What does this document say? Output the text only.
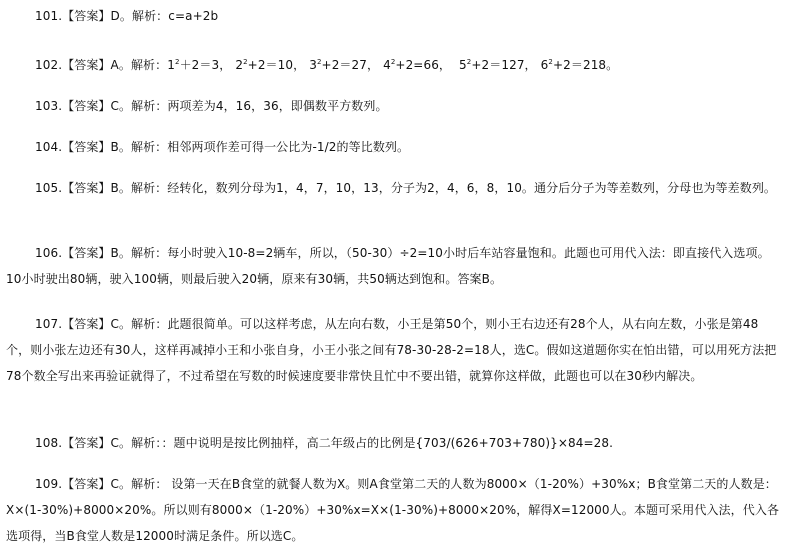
101.【答案】D。解析：c=a+2b

102.【答案】A。解析：$1^2+2=3$， $2^2+2=10$， $3^2+2=27$， $4^2+2=66$， $5^2+2=127$， $6^2+2=218$。

103.【答案】C。解析：两项差为4，16，36，即偶数平方数列。

104.【答案】B。解析：相邻两项作差可得一公比为-1/2的等比数列。

105.【答案】B。解析：经转化，数列分母为1，4，7，10，13，分子为2，4，6，8，10。通分后分子为等差数列，分母也为等差数列。

106.【答案】B。解析：每小时驶入10-8=2辆车，所以，（50-30）÷2=10小时后车站容量饱和。此题也可用代入法：即直接代入选项。10小时驶出80辆，驶入100辆，则最后驶入20辆，原来有30辆，共50辆达到饱和。答案B。

107.【答案】C。解析：此题很简单。可以这样考虑，从左向右数，小王是第50个，则小王右边还有28个人，从右向左数，小张是第48个，则小张左边还有30人，这样再减掉小王和小张自身，小王小张之间有78-30-28-2=18人，选C。假如这道题你实在怕出错，可以用死方法把78个数全写出来再验证就得了，不过希望在写数的时候速度要非常快且忙中不要出错，就算你这样做，此题也可以在30秒内解决。

108.【答案】C。解析：：题中说明是按比例抽样，高二年级占的比例是{703/(626+703+780)}×84=28.

109.【答案】C。解析： 设第一天在B食堂的就餐人数为X。则A食堂第二天的人数为8000×（1-20%）+30%x；B食堂第二天的人数是：X×(1-30%)+8000×20%。所以则有8000×（1-20%）+30%x=X×(1-30%)+8000×20%，解得X=12000人。本题可采用代入法，代入各选项得，当B食堂人数是12000时满足条件。所以选C。
